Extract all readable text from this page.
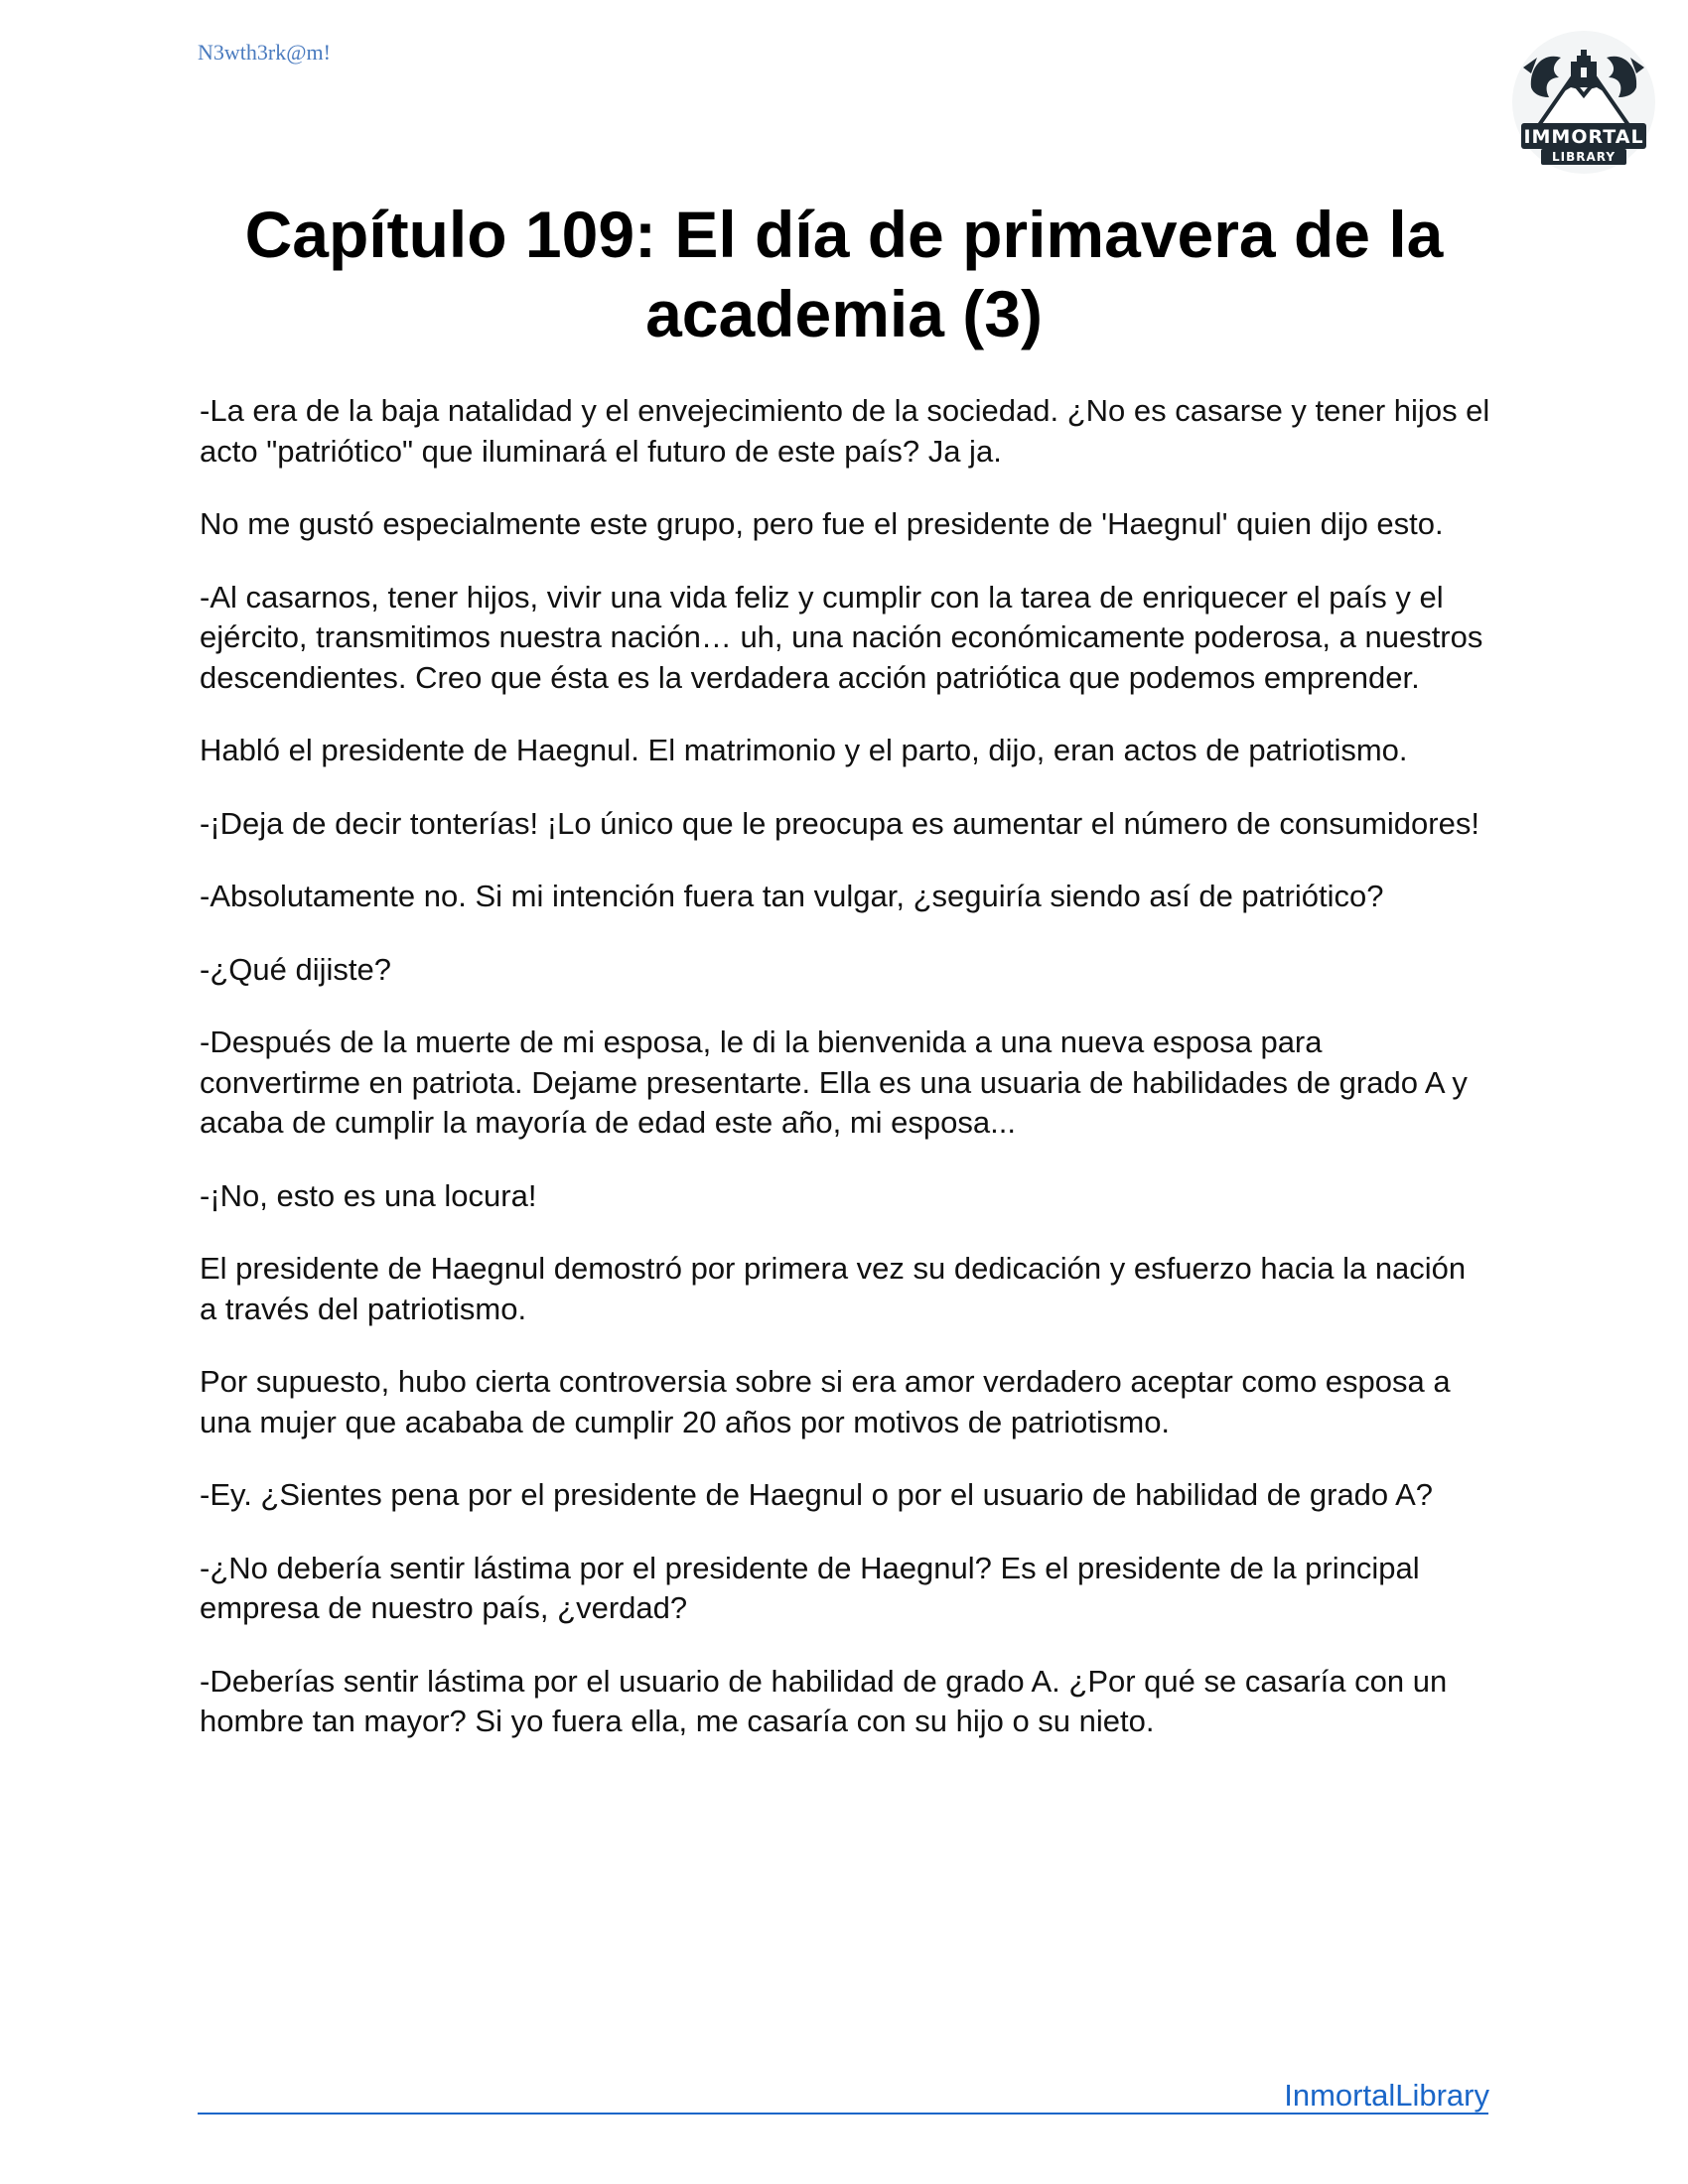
N3wth3rk@m!
IMMORTAL
LIBRARY
Capítulo 109: El día de primavera de la academia (3)

-La era de la baja natalidad y el envejecimiento de la sociedad. ¿No es casarse y tener hijos el acto "patriótico" que iluminará el futuro de este país? Ja ja.

No me gustó especialmente este grupo, pero fue el presidente de 'Haegnul' quien dijo esto.

-Al casarnos, tener hijos, vivir una vida feliz y cumplir con la tarea de enriquecer el país y el ejército, transmitimos nuestra nación… uh, una nación económicamente poderosa, a nuestros descendientes. Creo que ésta es la verdadera acción patriótica que podemos emprender.

Habló el presidente de Haegnul. El matrimonio y el parto, dijo, eran actos de patriotismo.

-¡Deja de decir tonterías! ¡Lo único que le preocupa es aumentar el número de consumidores!

-Absolutamente no. Si mi intención fuera tan vulgar, ¿seguiría siendo así de patriótico?

-¿Qué dijiste?

-Después de la muerte de mi esposa, le di la bienvenida a una nueva esposa para convertirme en patriota. Dejame presentarte. Ella es una usuaria de habilidades de grado A y acaba de cumplir la mayoría de edad este año, mi esposa...

-¡No, esto es una locura!

El presidente de Haegnul demostró por primera vez su dedicación y esfuerzo hacia la nación a través del patriotismo.

Por supuesto, hubo cierta controversia sobre si era amor verdadero aceptar como esposa a una mujer que acababa de cumplir 20 años por motivos de patriotismo.

-Ey. ¿Sientes pena por el presidente de Haegnul o por el usuario de habilidad de grado A?

-¿No debería sentir lástima por el presidente de Haegnul? Es el presidente de la principal empresa de nuestro país, ¿verdad?

-Deberías sentir lástima por el usuario de habilidad de grado A. ¿Por qué se casaría con un hombre tan mayor? Si yo fuera ella, me casaría con su hijo o su nieto.

InmortalLibrary
